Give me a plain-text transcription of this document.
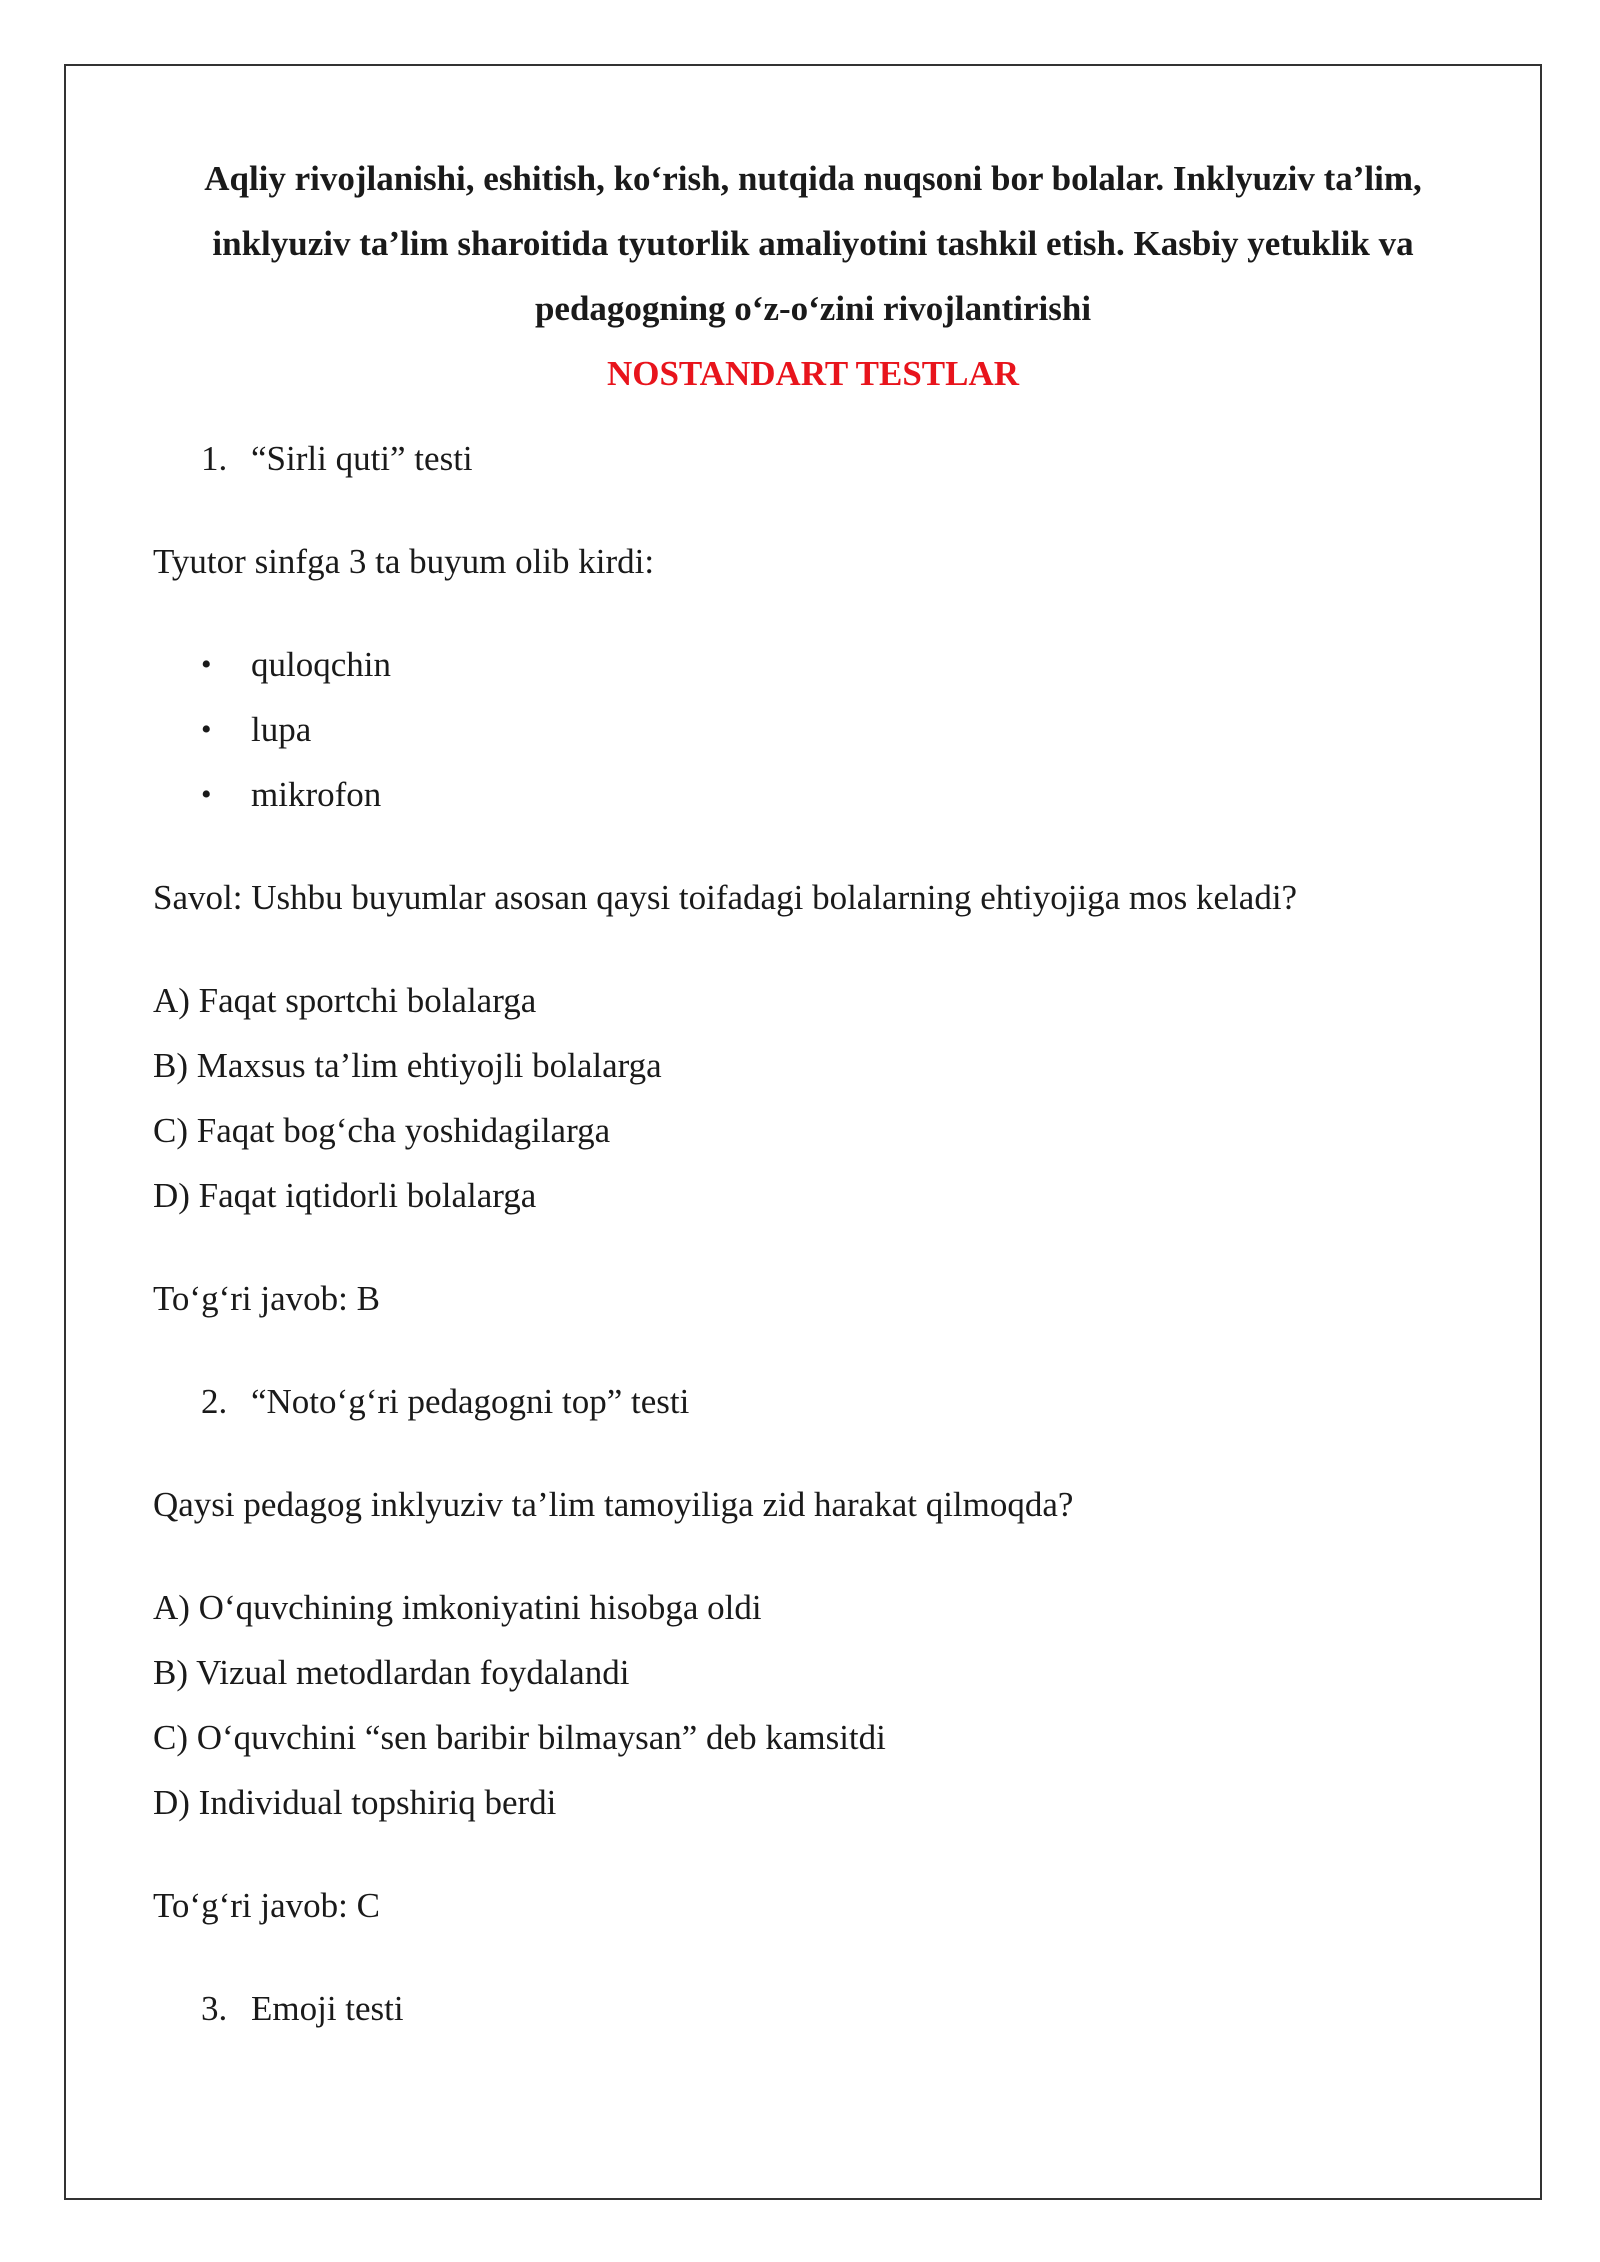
Aqliy rivojlanishi, eshitish, ko‘rish, nutqida nuqsoni bor bolalar. Inklyuziv ta’lim,

inklyuziv ta’lim sharoitida tyutorlik amaliyotini tashkil etish. Kasbiy yetuklik va

pedagogning o‘z-o‘zini rivojlantirishi

NOSTANDART TESTLAR

1. “Sirli quti” testi

Tyutor sinfga 3 ta buyum olib kirdi:

•	quloqchin
•	lupa
•	mikrofon

Savol: Ushbu buyumlar asosan qaysi toifadagi bolalarning ehtiyojiga mos keladi?

A) Faqat sportchi bolalarga

B) Maxsus ta’lim ehtiyojli bolalarga

C) Faqat bog‘cha yoshidagilarga

D) Faqat iqtidorli bolalarga

To‘g‘ri javob: B

2. “Noto‘g‘ri pedagogni top” testi

Qaysi pedagog inklyuziv ta’lim tamoyiliga zid harakat qilmoqda?

A) O‘quvchining imkoniyatini hisobga oldi

B) Vizual metodlardan foydalandi

C) O‘quvchini “sen baribir bilmaysan” deb kamsitdi

D) Individual topshiriq berdi

To‘g‘ri javob: C

3. Emoji testi
